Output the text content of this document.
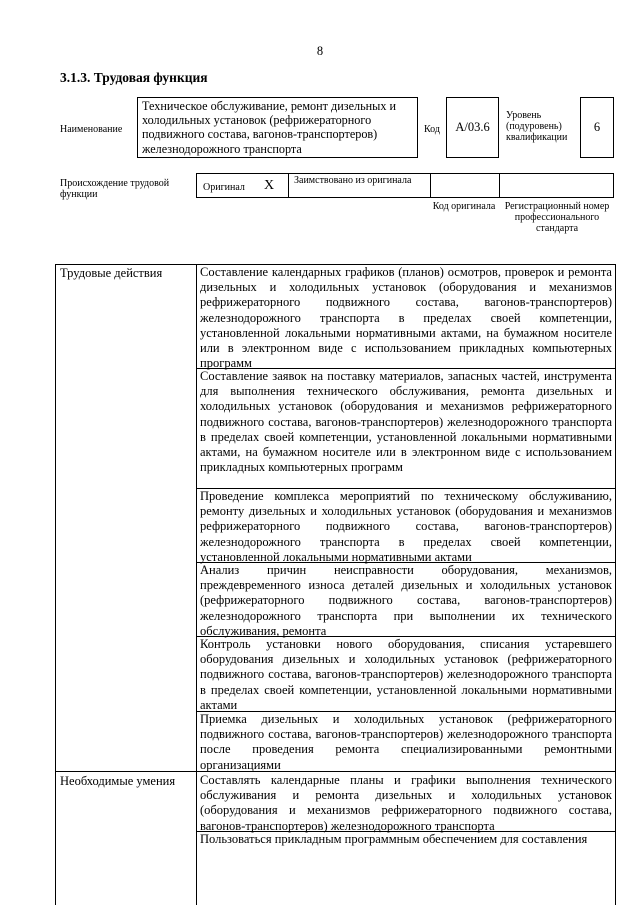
8
3.1.3. Трудовая функция
Наименование
Техническое обслуживание, ремонт дизельных и холодильных установок (рефрижераторного подвижного состава, вагонов-транспортеров) железнодорожного транспорта
Код А/03.6
Уровень (подуровень) квалификации
6
Происхождение трудовой функции
Оригинал X Заимствовано из оригинала
Код оригинала Регистрационный номер профессионального стандарта
Трудовые действия	Составление календарных графиков (планов) осмотров, проверок и ремонта дизельных и холодильных установок (оборудования и механизмов рефрижераторного подвижного состава, вагонов-транспортеров) железнодорожного транспорта в пределах своей компетенции, установленной локальными нормативными актами, на бумажном носителе или в электронном виде с использованием прикладных компьютерных программ
Составление заявок на поставку материалов, запасных частей, инструмента для выполнения технического обслуживания, ремонта дизельных и холодильных установок (оборудования и механизмов рефрижераторного подвижного состава, вагонов-транспортеров) железнодорожного транспорта в пределах своей компетенции, установленной локальными нормативными актами, на бумажном носителе или в электронном виде с использованием прикладных компьютерных программ
Проведение комплекса мероприятий по техническому обслуживанию, ремонту дизельных и холодильных установок (оборудования и механизмов рефрижераторного подвижного состава, вагонов-транспортеров) железнодорожного транспорта в пределах своей компетенции, установленной локальными нормативными актами
Анализ причин неисправности оборудования, механизмов, преждевременного износа деталей дизельных и холодильных установок (рефрижераторного подвижного состава, вагонов-транспортеров) железнодорожного транспорта при выполнении их технического обслуживания, ремонта
Контроль установки нового оборудования, списания устаревшего оборудования дизельных и холодильных установок (рефрижераторного подвижного состава, вагонов-транспортеров) железнодорожного транспорта в пределах своей компетенции, установленной локальными нормативными актами
Приемка дизельных и холодильных установок (рефрижераторного подвижного состава, вагонов-транспортеров) железнодорожного транспорта после проведения ремонта специализированными ремонтными организациями
Необходимые умения Составлять календарные планы и графики выполнения технического обслуживания и ремонта дизельных и холодильных установок (оборудования и механизмов рефрижераторного подвижного состава, вагонов-транспортеров) железнодорожного транспорта
Пользоваться прикладным программным обеспечением для составления
